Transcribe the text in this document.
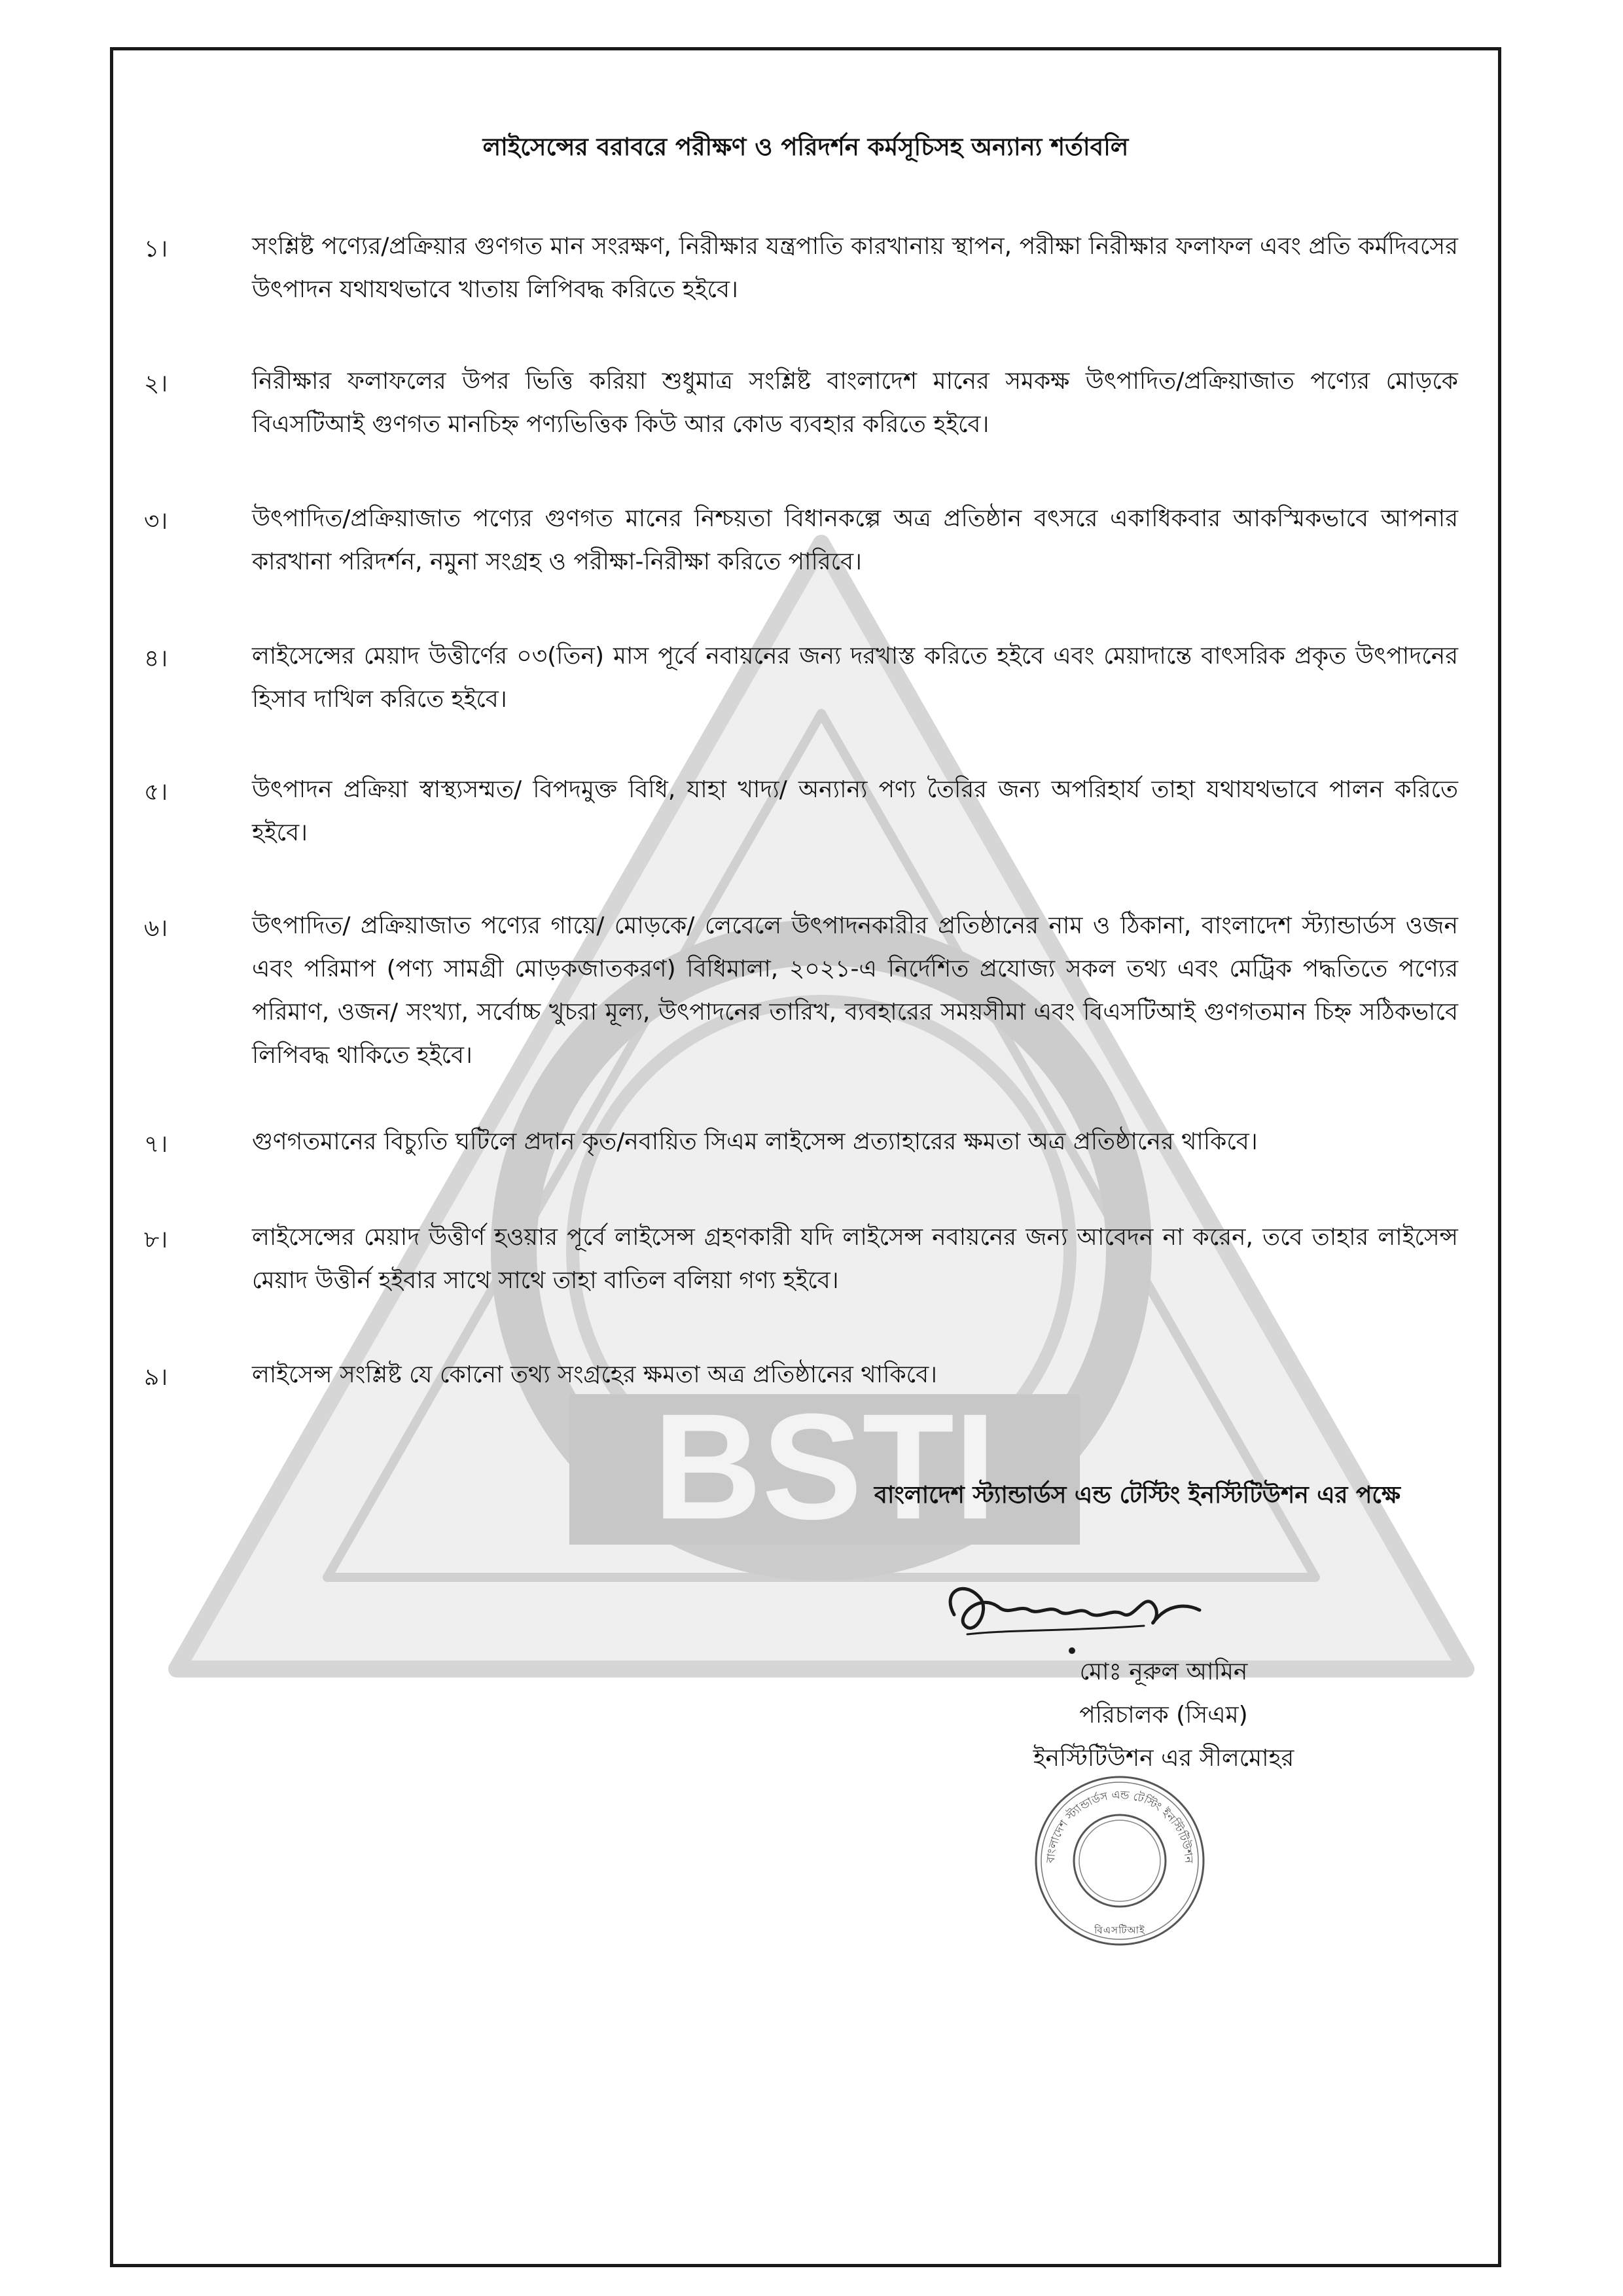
BSTI
লাইসেন্সের বরাবরে পরীক্ষণ ও পরিদর্শন কর্মসূচিসহ অন্যান্য শর্তাবলি
১।	সংশ্লিষ্ট পণ্যের/প্রক্রিয়ার গুণগত মান সংরক্ষণ, নিরীক্ষার যন্ত্রপাতি কারখানায় স্থাপন, পরীক্ষা নিরীক্ষার ফলাফল এবং প্রতি কর্মদিবসের উৎপাদন যথাযথভাবে খাতায় লিপিবদ্ধ করিতে হইবে।
২।	নিরীক্ষার ফলাফলের উপর ভিত্তি করিয়া শুধুমাত্র সংশ্লিষ্ট বাংলাদেশ মানের সমকক্ষ উৎপাদিত/প্রক্রিয়াজাত পণ্যের মোড়কে বিএসটিআই গুণগত মানচিহ্ন পণ্যভিত্তিক কিউ আর কোড ব্যবহার করিতে হইবে।
৩।	উৎপাদিত/প্রক্রিয়াজাত পণ্যের গুণগত মানের নিশ্চয়তা বিধানকল্পে অত্র প্রতিষ্ঠান বৎসরে একাধিকবার আকস্মিকভাবে আপনার কারখানা পরিদর্শন, নমুনা সংগ্রহ ও পরীক্ষা-নিরীক্ষা করিতে পারিবে।
৪।	লাইসেন্সের মেয়াদ উত্তীর্ণের ০৩(তিন) মাস পূর্বে নবায়নের জন্য দরখাস্ত করিতে হইবে এবং মেয়াদান্তে বাৎসরিক প্রকৃত উৎপাদনের হিসাব দাখিল করিতে হইবে।
৫।	উৎপাদন প্রক্রিয়া স্বাস্থ্যসম্মত/ বিপদমুক্ত বিধি, যাহা খাদ্য/ অন্যান্য পণ্য তৈরির জন্য অপরিহার্য তাহা যথাযথভাবে পালন করিতে হইবে।
৬।	উৎপাদিত/ প্রক্রিয়াজাত পণ্যের গায়ে/ মোড়কে/ লেবেলে উৎপাদনকারীর প্রতিষ্ঠানের নাম ও ঠিকানা, বাংলাদেশ স্ট্যান্ডার্ডস ওজন এবং পরিমাপ (পণ্য সামগ্রী মোড়কজাতকরণ) বিধিমালা, ২০২১-এ নির্দেশিত প্রযোজ্য সকল তথ্য এবং মেট্রিক পদ্ধতিতে পণ্যের পরিমাণ, ওজন/ সংখ্যা, সর্বোচ্চ খুচরা মূল্য, উৎপাদনের তারিখ, ব্যবহারের সময়সীমা এবং বিএসটিআই গুণগতমান চিহ্ন সঠিকভাবে লিপিবদ্ধ থাকিতে হইবে।
৭।	গুণগতমানের বিচ্যুতি ঘটিলে প্রদান কৃত/নবায়িত সিএম লাইসেন্স প্রত্যাহারের ক্ষমতা অত্র প্রতিষ্ঠানের থাকিবে।
৮।	লাইসেন্সের মেয়াদ উত্তীর্ণ হওয়ার পূর্বে লাইসেন্স গ্রহণকারী যদি লাইসেন্স নবায়নের জন্য আবেদন না করেন, তবে তাহার লাইসেন্স মেয়াদ উত্তীর্ন হইবার সাথে সাথে তাহা বাতিল বলিয়া গণ্য হইবে।
৯।	লাইসেন্স সংশ্লিষ্ট যে কোনো তথ্য সংগ্রহের ক্ষমতা অত্র প্রতিষ্ঠানের থাকিবে।
বাংলাদেশ স্ট্যান্ডার্ডস এন্ড টেস্টিং ইনস্টিটিউশন এর পক্ষে
মোঃ নূরুল আমিন
পরিচালক (সিএম)
ইনস্টিটিউশন এর সীলমোহর
বাংলাদেশ স্ট্যান্ডার্ডস এন্ড টেস্টিং ইনস্টিটিউশন
বিএসটিআই
